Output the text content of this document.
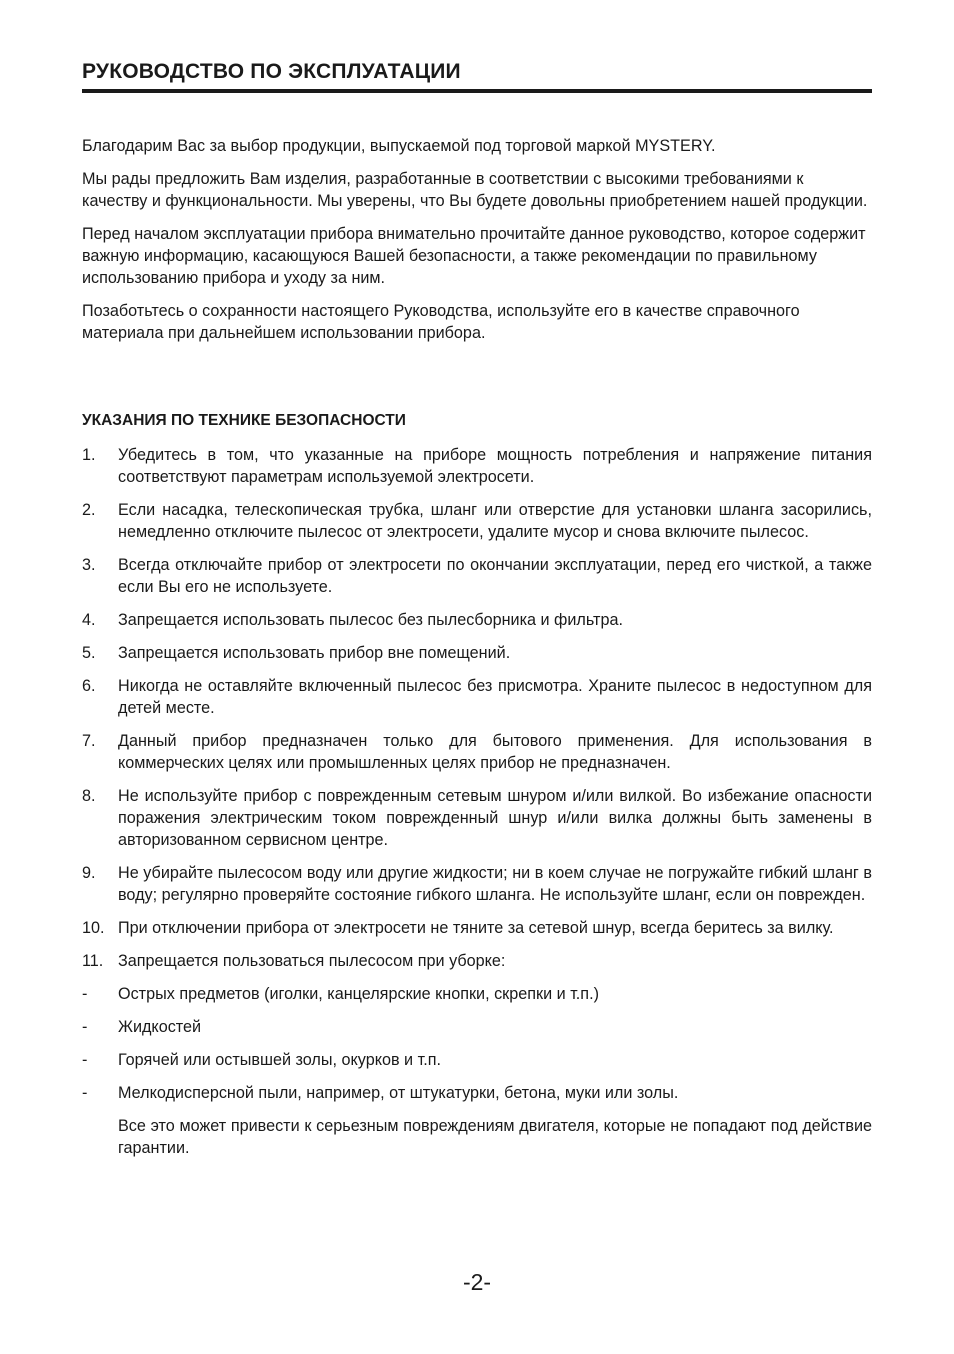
РУКОВОДСТВО ПО ЭКСПЛУАТАЦИИ

Благодарим Вас за выбор продукции, выпускаемой под торговой маркой MYSTERY.

Мы рады предложить Вам изделия, разработанные в соответствии с высокими требованиями к качеству и функциональности. Мы уверены, что Вы будете довольны приобретением нашей продукции.

Перед началом эксплуатации прибора внимательно прочитайте данное руководство, которое содержит важную информацию, касающуюся Вашей безопасности, а также рекомендации по правильному использованию прибора и уходу за ним.

Позаботьтесь о сохранности настоящего Руководства, используйте его в качестве справочного материала при дальнейшем использовании прибора.

УКАЗАНИЯ ПО ТЕХНИКЕ БЕЗОПАСНОСТИ
1.	Убедитесь в том, что указанные на приборе мощность потребления и напряжение питания соответствуют параметрам используемой электросети.
2.	Если насадка, телескопическая трубка, шланг или отверстие для установки шланга засорились, немедленно отключите пылесос от электросети, удалите мусор и снова включите пылесос.
3.	Всегда отключайте прибор от электросети по окончании эксплуатации, перед его чисткой, а также если Вы его не используете.
4.	Запрещается использовать пылесос без пылесборника и фильтра.
5.	Запрещается использовать прибор вне помещений.
6.	Никогда не оставляйте включенный пылесос без присмотра. Храните пылесос в недоступном для детей месте.
7.	Данный прибор предназначен только для бытового применения. Для использования в коммерческих целях или промышленных целях прибор не предназначен.
8.	Не используйте прибор с поврежденным сетевым шнуром и/или вилкой. Во избежание опасности поражения электрическим током поврежденный шнур и/или вилка должны быть заменены в авторизованном сервисном центре.
9.	Не убирайте пылесосом воду или другие жидкости; ни в коем случае не погружайте гибкий шланг в воду; регулярно проверяйте состояние гибкого шланга. Не используйте шланг, если он поврежден.
10. При отключении прибора от электросети не тяните за сетевой шнур, всегда беритесь за вилку.
11. Запрещается пользоваться пылесосом при уборке:
-	Острых предметов (иголки, канцелярские кнопки, скрепки и т.п.)
-	Жидкостей
-	Горячей или остывшей золы, окурков и т.п.
-	Мелкодисперсной пыли, например, от штукатурки, бетона, муки или золы.
Все это может привести к серьезным повреждениям двигателя, которые не попадают под действие гарантии.
-2-
